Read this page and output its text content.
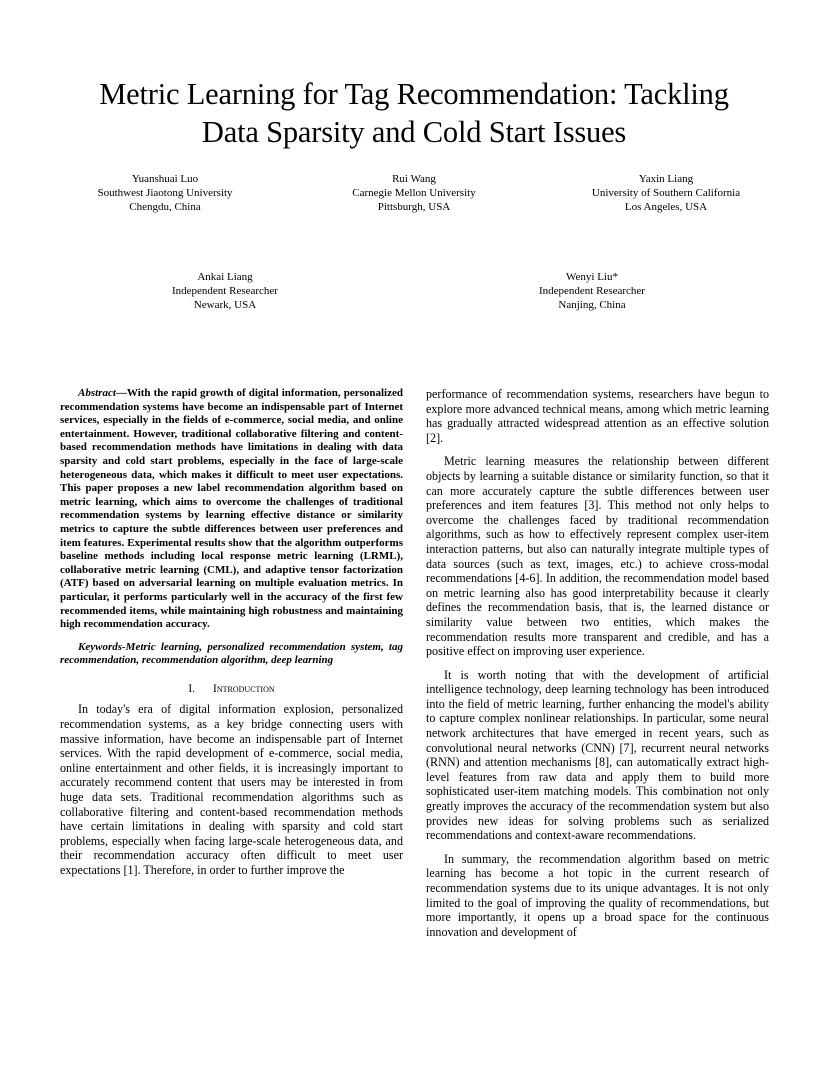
Metric Learning for Tag Recommendation: Tackling
Data Sparsity and Cold Start Issues
Yuanshuai Luo
Southwest Jiaotong University
Chengdu, China
Rui Wang
Carnegie Mellon University
Pittsburgh, USA
Yaxin Liang
University of Southern California
Los Angeles, USA
Ankai Liang
Independent Researcher
Newark, USA
Wenyi Liu*
Independent Researcher
Nanjing, China

Abstract—With the rapid growth of digital information, personalized recommendation systems have become an indispensable part of Internet services, especially in the fields of e-commerce, social media, and online entertainment. However, traditional collaborative filtering and content-based recommendation methods have limitations in dealing with data sparsity and cold start problems, especially in the face of large-scale heterogeneous data, which makes it difficult to meet user expectations. This paper proposes a new label recommendation algorithm based on metric learning, which aims to overcome the challenges of traditional recommendation systems by learning effective distance or similarity metrics to capture the subtle differences between user preferences and item features. Experimental results show that the algorithm outperforms baseline methods including local response metric learning (LRML), collaborative metric learning (CML), and adaptive tensor factorization (ATF) based on adversarial learning on multiple evaluation metrics. In particular, it performs particularly well in the accuracy of the first few recommended items, while maintaining high robustness and maintaining high recommendation accuracy.

Keywords-Metric learning, personalized recommendation system, tag recommendation, recommendation algorithm, deep learning

I. Introduction

In today's era of digital information explosion, personalized recommendation systems, as a key bridge connecting users with massive information, have become an indispensable part of Internet services. With the rapid development of e-commerce, social media, online entertainment and other fields, it is increasingly important to accurately recommend content that users may be interested in from huge data sets. Traditional recommendation algorithms such as collaborative filtering and content-based recommendation methods have certain limitations in dealing with sparsity and cold start problems, especially when facing large-scale heterogeneous data, and their recommendation accuracy often difficult to meet user expectations [1]. Therefore, in order to further improve the

performance of recommendation systems, researchers have begun to explore more advanced technical means, among which metric learning has gradually attracted widespread attention as an effective solution [2].

Metric learning measures the relationship between different objects by learning a suitable distance or similarity function, so that it can more accurately capture the subtle differences between user preferences and item features [3]. This method not only helps to overcome the challenges faced by traditional recommendation algorithms, such as how to effectively represent complex user-item interaction patterns, but also can naturally integrate multiple types of data sources (such as text, images, etc.) to achieve cross-modal recommendations [4-6]. In addition, the recommendation model based on metric learning also has good interpretability because it clearly defines the recommendation basis, that is, the learned distance or similarity value between two entities, which makes the recommendation results more transparent and credible, and has a positive effect on improving user experience.

It is worth noting that with the development of artificial intelligence technology, deep learning technology has been introduced into the field of metric learning, further enhancing the model's ability to capture complex nonlinear relationships. In particular, some neural network architectures that have emerged in recent years, such as convolutional neural networks (CNN) [7], recurrent neural networks (RNN) and attention mechanisms [8], can automatically extract high-level features from raw data and apply them to build more sophisticated user-item matching models. This combination not only greatly improves the accuracy of the recommendation system but also provides new ideas for solving problems such as serialized recommendations and context-aware recommendations.

In summary, the recommendation algorithm based on metric learning has become a hot topic in the current research of recommendation systems due to its unique advantages. It is not only limited to the goal of improving the quality of recommendations, but more importantly, it opens up a broad space for the continuous innovation and development of
